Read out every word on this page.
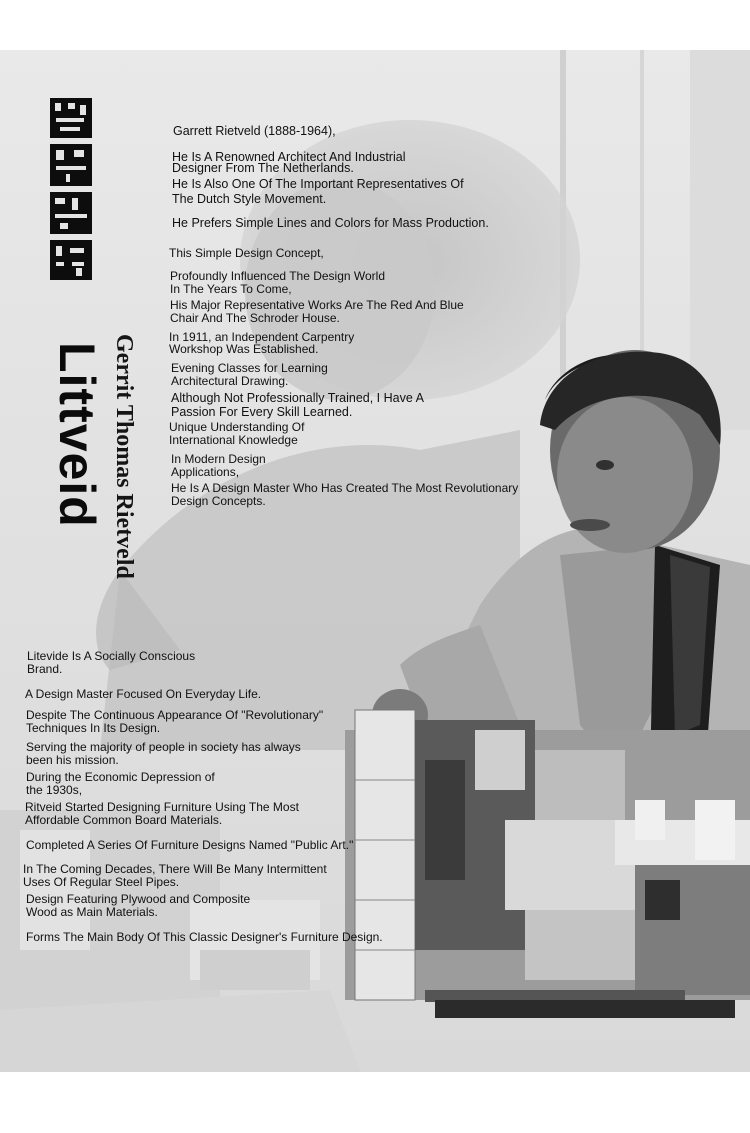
Littveid Gerrit Thomas Rietveld

Garrett Rietveld (1888-1964),

He Is A Renowned Architect And Industrial

Designer From The Netherlands.

He Is Also One Of The Important Representatives Of

The Dutch Style Movement.

He Prefers Simple Lines and Colors for Mass Production.

This Simple Design Concept,

Profoundly Influenced The Design World

In The Years To Come,

His Major Representative Works Are The Red And Blue

Chair And The Schroder House.

In 1911, an Independent Carpentry

Workshop Was Established.

Evening Classes for Learning

Architectural Drawing.

Although Not Professionally Trained, I Have A

Passion For Every Skill Learned.

Unique Understanding Of

International Knowledge

In Modern Design

Applications,

He Is A Design Master Who Has Created The Most Revolutionary

Design Concepts.

Litevide Is A Socially Conscious

Brand.

A Design Master Focused On Everyday Life.

Despite The Continuous Appearance Of "Revolutionary"

Techniques In Its Design.

Serving the majority of people in society has always

been his mission.

During the Economic Depression of

the 1930s,

Ritveid Started Designing Furniture Using The Most

Affordable Common Board Materials.

Completed A Series Of Furniture Designs Named "Public Art."

In The Coming Decades, There Will Be Many Intermittent

Uses Of Regular Steel Pipes.

Design Featuring Plywood and Composite

Wood as Main Materials.

Forms The Main Body Of This Classic Designer's Furniture Design.
